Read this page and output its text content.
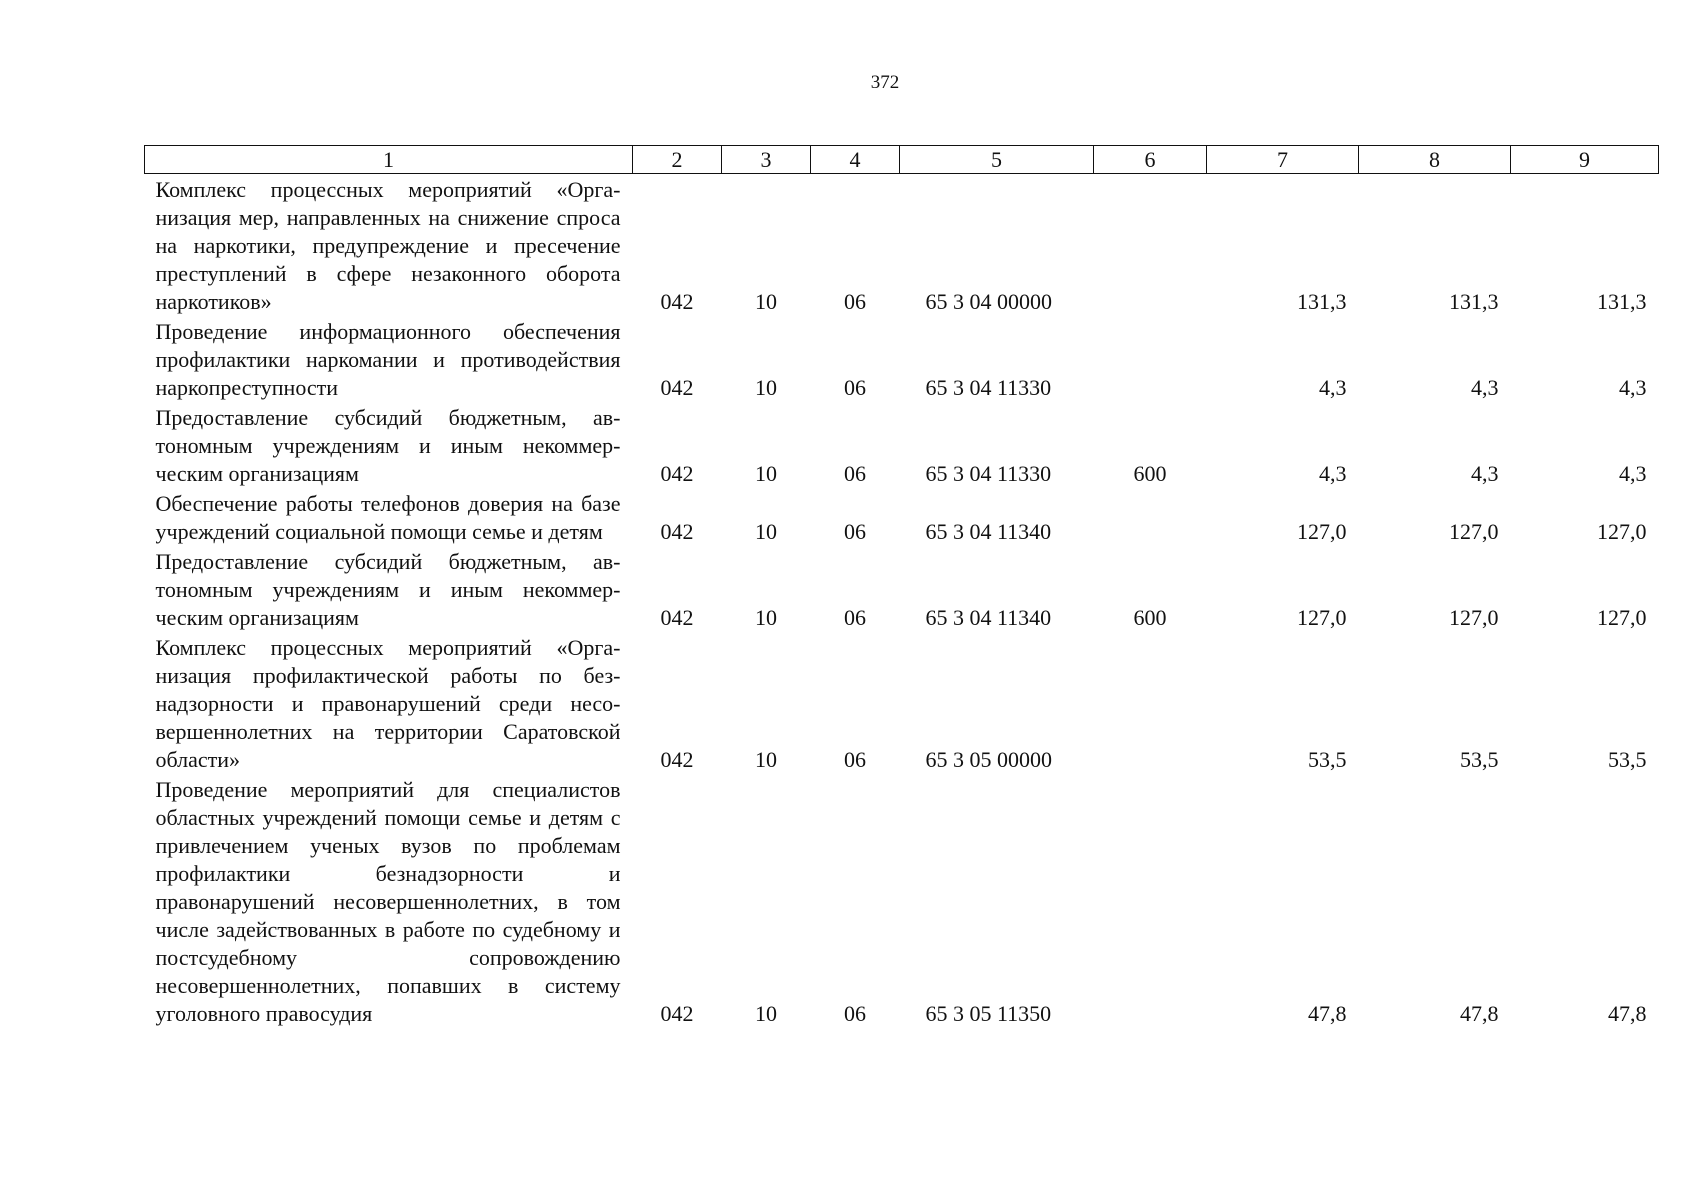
372
1	2	3	4	5	6	7	8	9
Комплекс процессных мероприятий «Организация мер, направленных на снижение спроса на наркотики, предупреждение и пресечение преступлений в сфере незаконного оборота наркотиков»	042	10	06	65 3 04 00000		131,3	131,3	131,3
Проведение информационного обеспечения профилактики наркомании и противодействия наркопреступности	042	10	06	65 3 04 11330		4,3	4,3	4,3
Предоставление субсидий бюджетным, автономным учреждениям и иным некоммерческим организациям	042	10	06	65 3 04 11330	600	4,3	4,3	4,3
Обеспечение работы телефонов доверия на базе учреждений социальной помощи семье и детям	042	10	06	65 3 04 11340		127,0	127,0	127,0
Предоставление субсидий бюджетным, автономным учреждениям и иным некоммерческим организациям	042	10	06	65 3 04 11340	600	127,0	127,0	127,0
Комплекс процессных мероприятий «Организация профилактической работы по безнадзорности и правонарушений среди несовершеннолетних на территории Саратовской области»	042	10	06	65 3 05 00000		53,5	53,5	53,5
Проведение мероприятий для специалистов областных учреждений помощи семье и детям с привлечением ученых вузов по проблемам профилактики безнадзорности и правонарушений несовершеннолетних, в том числе задействованных в работе по судебному и постсудебному сопровождению несовершеннолетних, попавших в систему уголовного правосудия	042	10	06	65 3 05 11350		47,8	47,8	47,8
